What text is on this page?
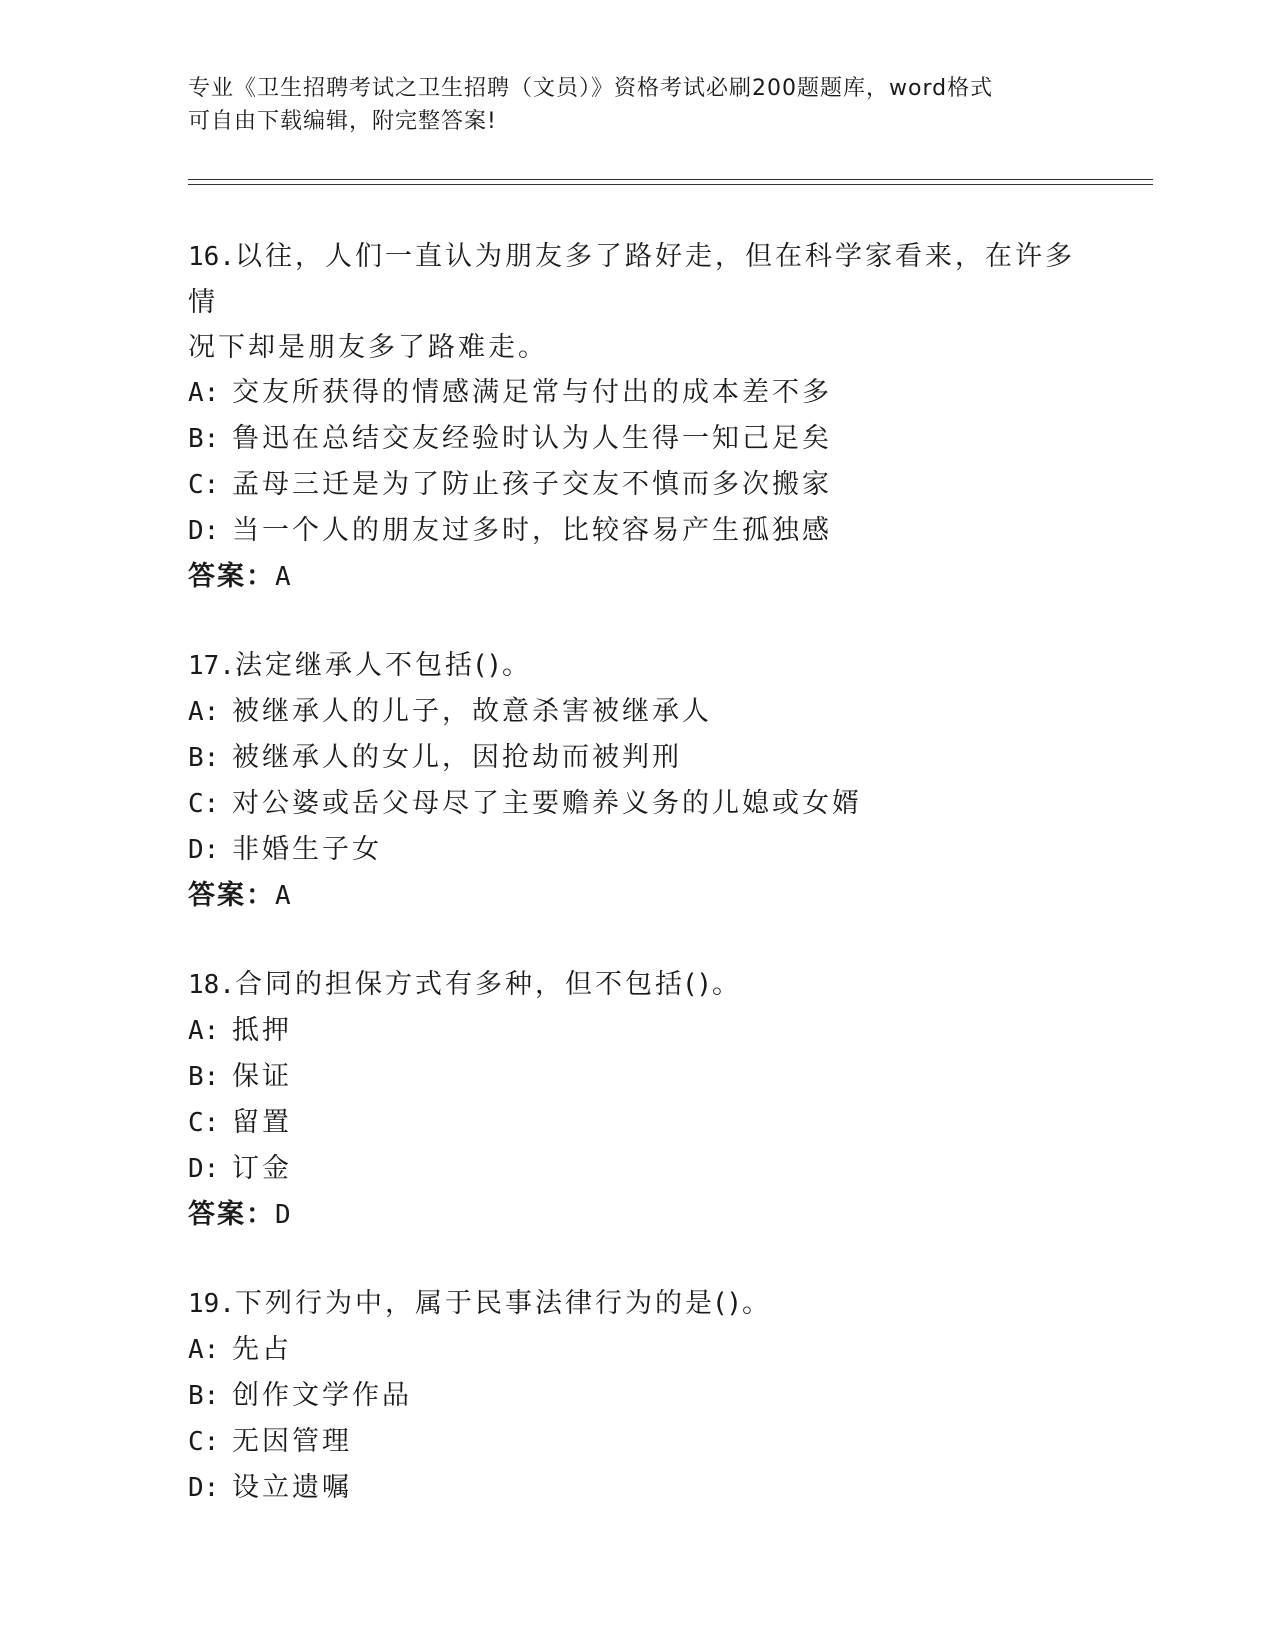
专业《卫生招聘考试之卫生招聘（文员）》资格考试必刷200题题库，word格式
可自由下载编辑，附完整答案!

16.以往，人们一直认为朋友多了路好走，但在科学家看来，在许多情

况下却是朋友多了路难走。

A: 交友所获得的情感满足常与付出的成本差不多

B: 鲁迅在总结交友经验时认为人生得一知己足矣

C: 孟母三迁是为了防止孩子交友不慎而多次搬家

D: 当一个人的朋友过多时，比较容易产生孤独感

答案：A

17.法定继承人不包括()。

A: 被继承人的儿子，故意杀害被继承人

B: 被继承人的女儿，因抢劫而被判刑

C: 对公婆或岳父母尽了主要赡养义务的儿媳或女婿

D: 非婚生子女

答案：A

18.合同的担保方式有多种，但不包括()。

A: 抵押

B: 保证

C: 留置

D: 订金

答案：D

19.下列行为中，属于民事法律行为的是()。

A: 先占

B: 创作文学作品

C: 无因管理

D: 设立遗嘱
